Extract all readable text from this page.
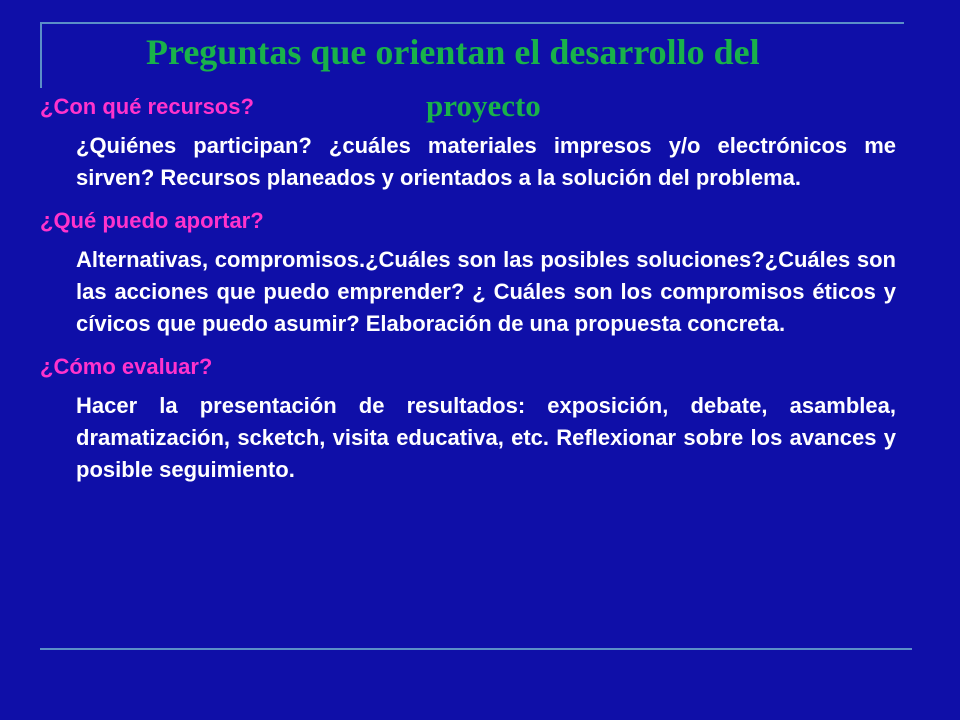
Preguntas que orientan el desarrollo del
proyecto

¿Con qué recursos?

¿Quiénes participan? ¿cuáles materiales impresos y/o electrónicos me sirven? Recursos planeados y orientados a la solución del problema.

¿Qué puedo aportar?

Alternativas, compromisos.¿Cuáles son las posibles soluciones?¿Cuáles son las acciones que puedo emprender? ¿ Cuáles son los compromisos éticos y cívicos que puedo asumir? Elaboración de una propuesta concreta.

¿Cómo evaluar?

Hacer la presentación de resultados: exposición, debate, asamblea, dramatización, scketch, visita educativa, etc. Reflexionar sobre los avances y posible seguimiento.
